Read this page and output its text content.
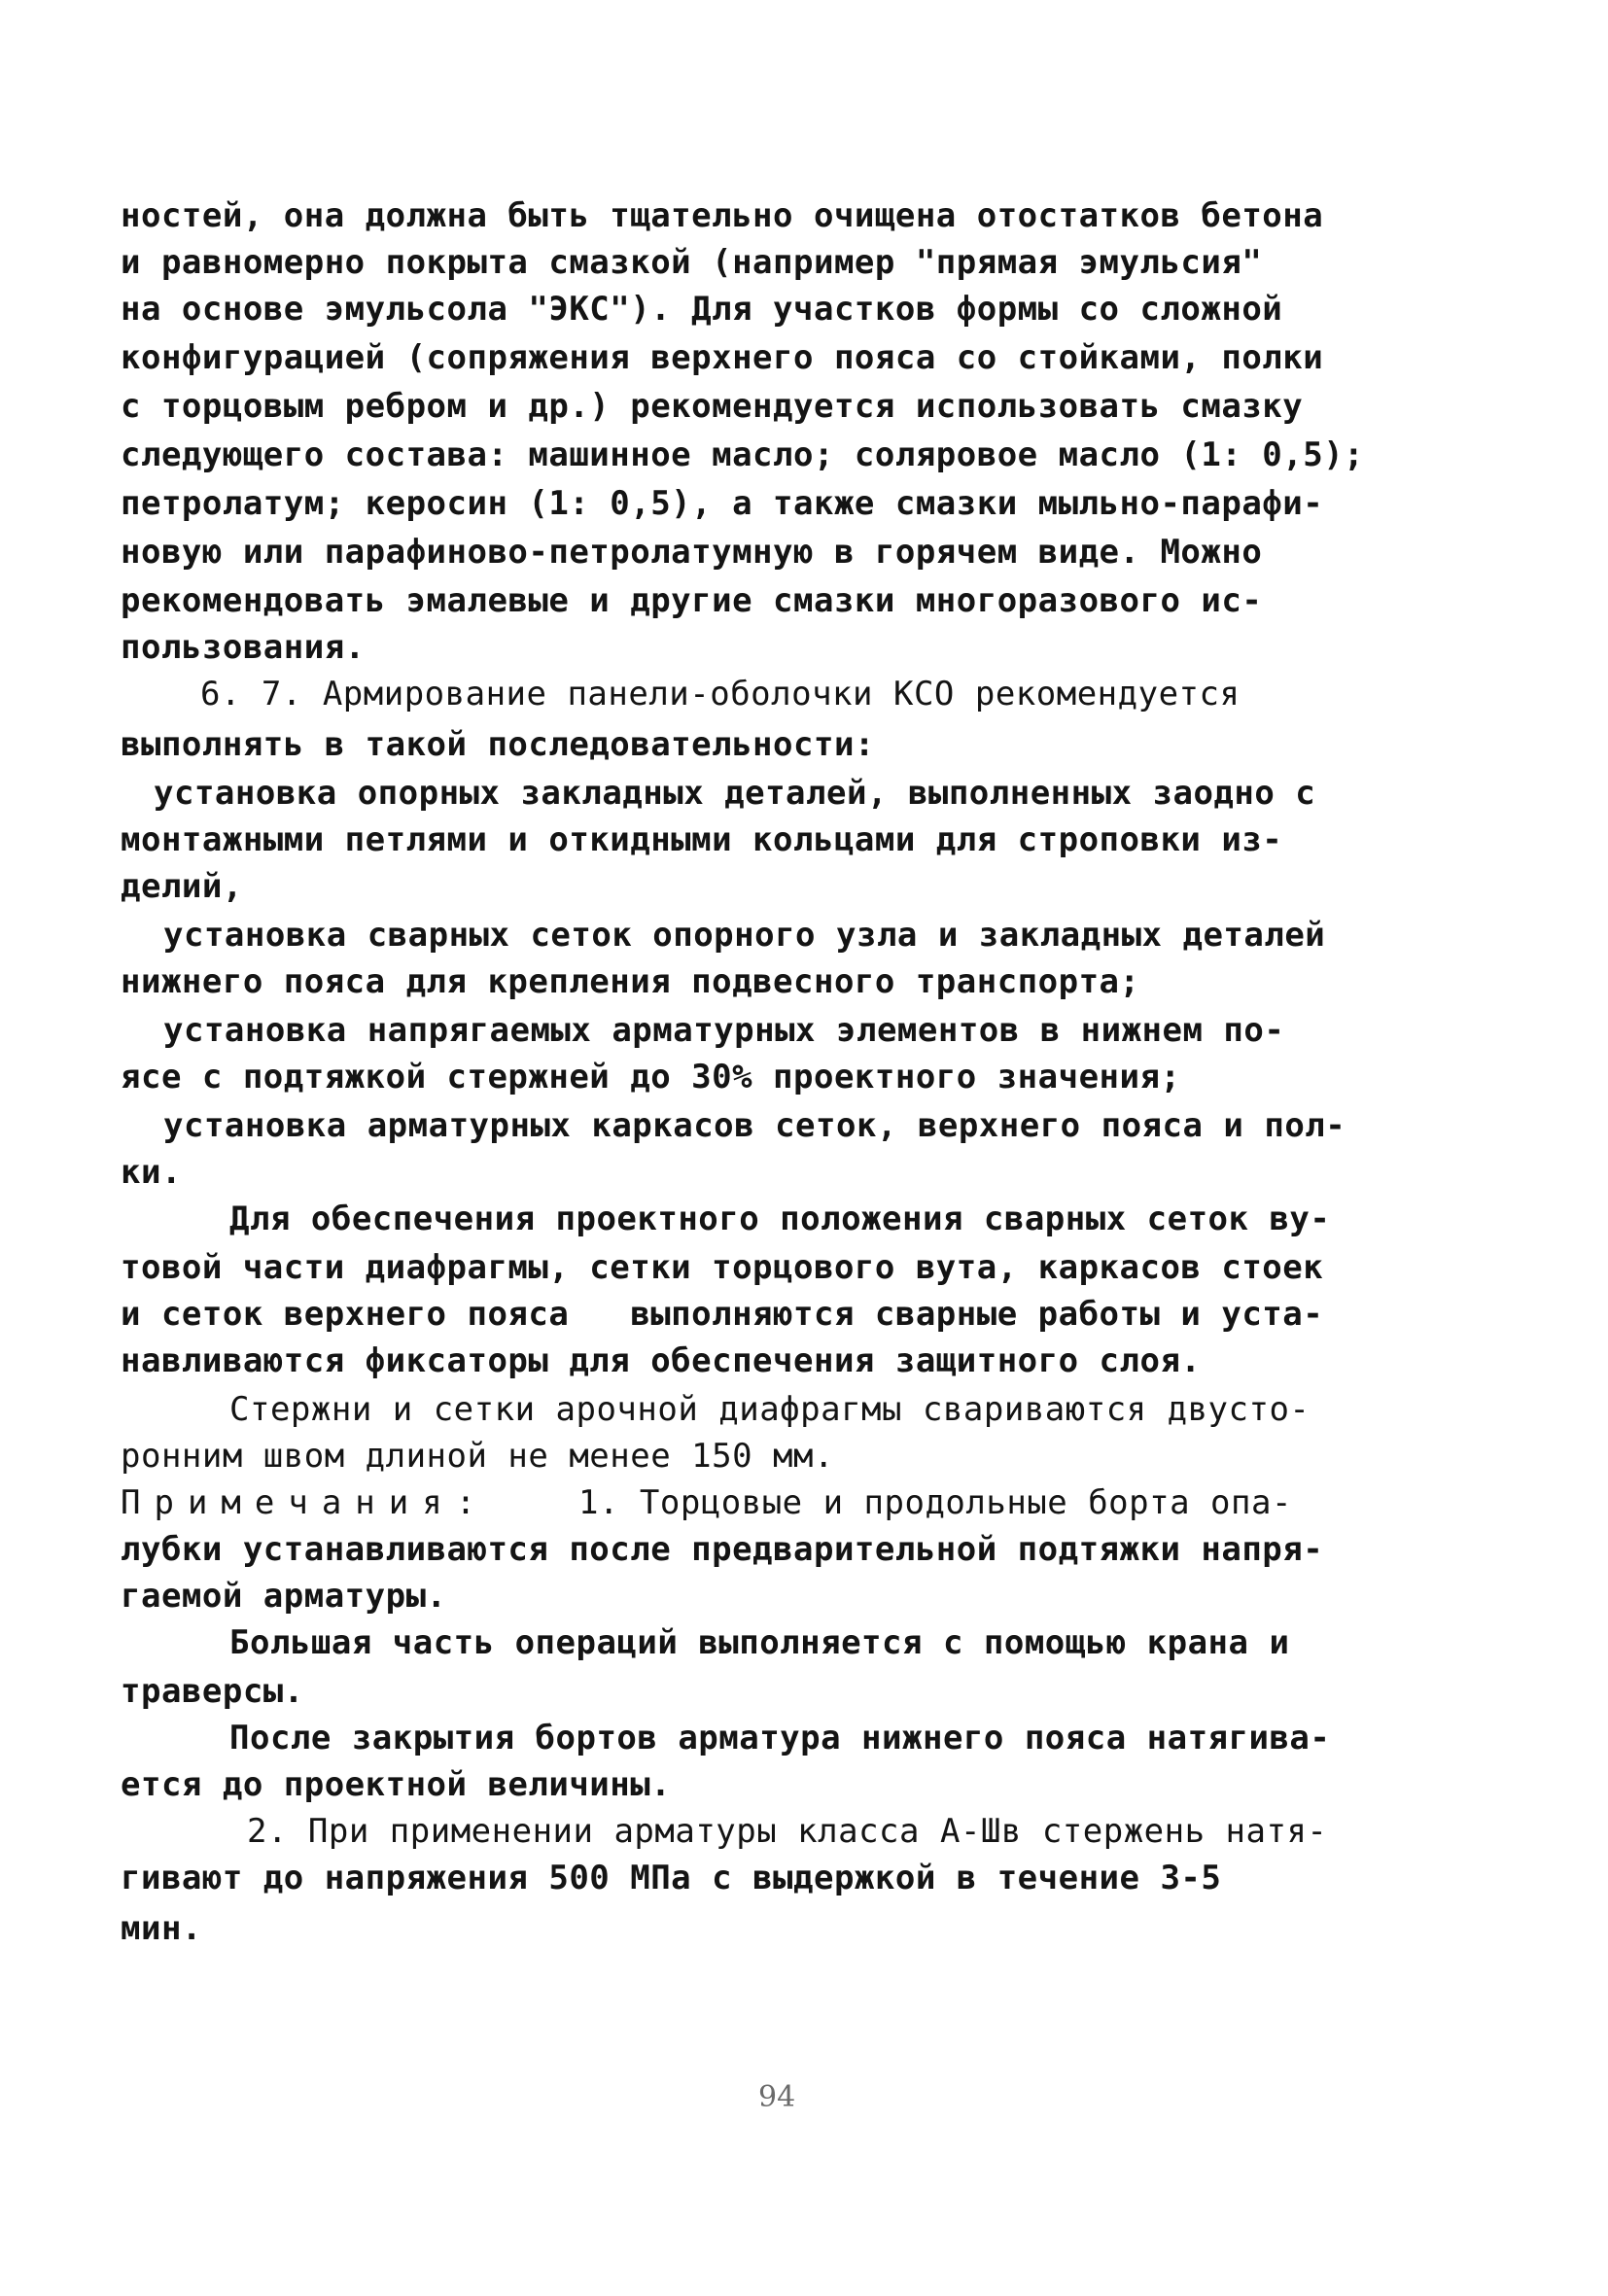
ностей, она должна быть тщательно очищена отостатков бетона
и равномерно покрыта смазкой (например "прямая эмульсия"
на основе эмульсола "ЭКС"). Для участков формы со сложной
конфигурацией (сопряжения верхнего пояса со стойками, полки
с торцовым ребром и др.) рекомендуется использовать смазку
следующего состава: машинное масло; соляровое масло (1: 0,5);
петролатум; керосин (1: 0,5), а также смазки мыльно-парафи-
новую или парафиново-петролатумную в горячем виде. Можно
рекомендовать эмалевые и другие смазки многоразового ис-
пользования.
6. 7. Армирование панели-оболочки КСО рекомендуется
выполнять в такой последовательности:
установка опорных закладных деталей, выполненных заодно с
монтажными петлями и откидными кольцами для строповки из-
делий,
установка сварных сеток опорного узла и закладных деталей
нижнего пояса для крепления подвесного транспорта;
установка напрягаемых арматурных элементов в нижнем по-
ясе с подтяжкой стержней до 30% проектного значения;
установка арматурных каркасов сеток, верхнего пояса и пол-
ки.
Для обеспечения проектного положения сварных сеток ву-
товой части диафрагмы, сетки торцового вута, каркасов стоек
и сеток верхнего пояса   выполняются сварные работы и уста-
навливаются фиксаторы для обеспечения защитного слоя.
Стержни и сетки арочной диафрагмы свариваются двусто-
ронним швом длиной не менее 150 мм.
Примечания: 1. Торцовые и продольные борта опа-
лубки устанавливаются после предварительной подтяжки напря-
гаемой арматуры.
Большая часть операций выполняется с помощью крана и
траверсы.
После закрытия бортов арматура нижнего пояса натягива-
ется до проектной величины.
2. При применении арматуры класса А-Шв стержень натя-
гивают до напряжения 500 МПа с выдержкой в течение 3-5
мин.
94
